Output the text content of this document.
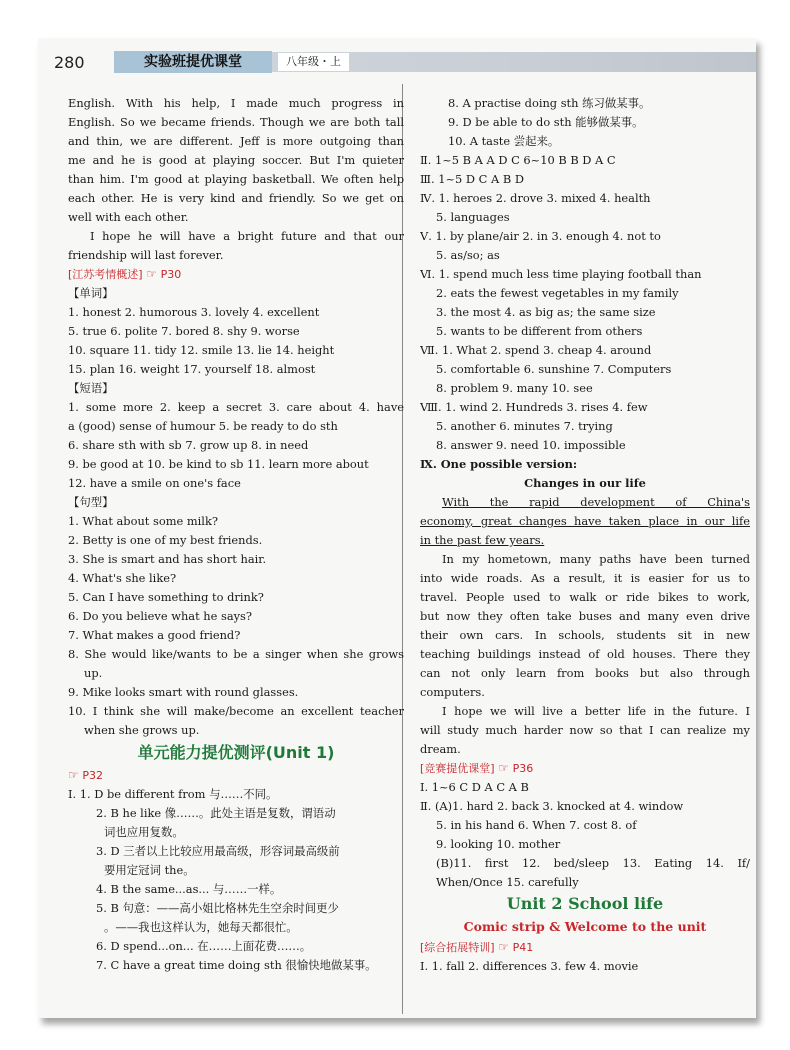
280	实验班提优课堂	八年级・上
English. With his help, I made much progress in
English. So we became friends. Though we are both tall
and thin, we are different. Jeff is more outgoing than
me and he is good at playing soccer. But I'm quieter
than him. I'm good at playing basketball. We often help
each other. He is very kind and friendly. So we get on
well with each other.
I hope he will have a bright future and that our
friendship will last forever.
[江苏考情概述] ☞ P30
【单词】
1. honest 2. humorous 3. lovely 4. excellent
5. true 6. polite 7. bored 8. shy 9. worse
10. square 11. tidy 12. smile 13. lie 14. height
15. plan 16. weight 17. yourself 18. almost
【短语】
1. some more 2. keep a secret 3. care about 4. have
a (good) sense of humour 5. be ready to do sth
6. share sth with sb 7. grow up 8. in need
9. be good at 10. be kind to sb 11. learn more about
12. have a smile on one's face
【句型】
1. What about some milk?
2. Betty is one of my best friends.
3. She is smart and has short hair.
4. What's she like?
5. Can I have something to drink?
6. Do you believe what he says?
7. What makes a good friend?
8. She would like/wants to be a singer when she grows
up.
9. Mike looks smart with round glasses.
10. I think she will make/become an excellent teacher
when she grows up.
单元能力提优测评(Unit 1)
☞ P32
Ⅰ. 1. D be different from 与……不同。
2. B he like 像……。此处主语是复数，谓语动
词也应用复数。
3. D 三者以上比较应用最高级，形容词最高级前
要用定冠词 the。
4. B the same...as... 与……一样。
5. B 句意：——高小姐比格林先生空余时间更少
。——我也这样认为，她每天都很忙。
6. D spend...on... 在……上面花费……。
7. C have a great time doing sth 很愉快地做某事。
8. A practise doing sth 练习做某事。
9. D be able to do sth 能够做某事。
10. A taste 尝起来。
Ⅱ. 1~5 B A A D C 6~10 B B D A C
Ⅲ. 1~5 D C A B D
Ⅳ. 1. heroes 2. drove 3. mixed 4. health
5. languages
Ⅴ. 1. by plane/air 2. in 3. enough 4. not to
5. as/so; as
Ⅵ. 1. spend much less time playing football than
2. eats the fewest vegetables in my family
3. the most 4. as big as; the same size
5. wants to be different from others
Ⅶ. 1. What 2. spend 3. cheap 4. around
5. comfortable 6. sunshine 7. Computers
8. problem 9. many 10. see
Ⅷ. 1. wind 2. Hundreds 3. rises 4. few
5. another 6. minutes 7. trying
8. answer 9. need 10. impossible
Ⅸ. One possible version:
Changes in our life
With the rapid development of China's
economy, great changes have taken place in our life
in the past few years.
In my hometown, many paths have been turned
into wide roads. As a result, it is easier for us to
travel. People used to walk or ride bikes to work,
but now they often take buses and many even drive
their own cars. In schools, students sit in new
teaching buildings instead of old houses. There they
can not only learn from books but also through
computers.
I hope we will live a better life in the future. I
will study much harder now so that I can realize my
dream.
[竞赛提优课堂] ☞ P36
Ⅰ. 1~6 C D A C A B
Ⅱ. (A)1. hard 2. back 3. knocked at 4. window
5. in his hand 6. When 7. cost 8. of
9. looking 10. mother
(B)11. first 12. bed/sleep 13. Eating 14. If/
When/Once 15. carefully
Unit 2 School life
Comic strip & Welcome to the unit
[综合拓展特训] ☞ P41
Ⅰ. 1. fall 2. differences 3. few 4. movie
